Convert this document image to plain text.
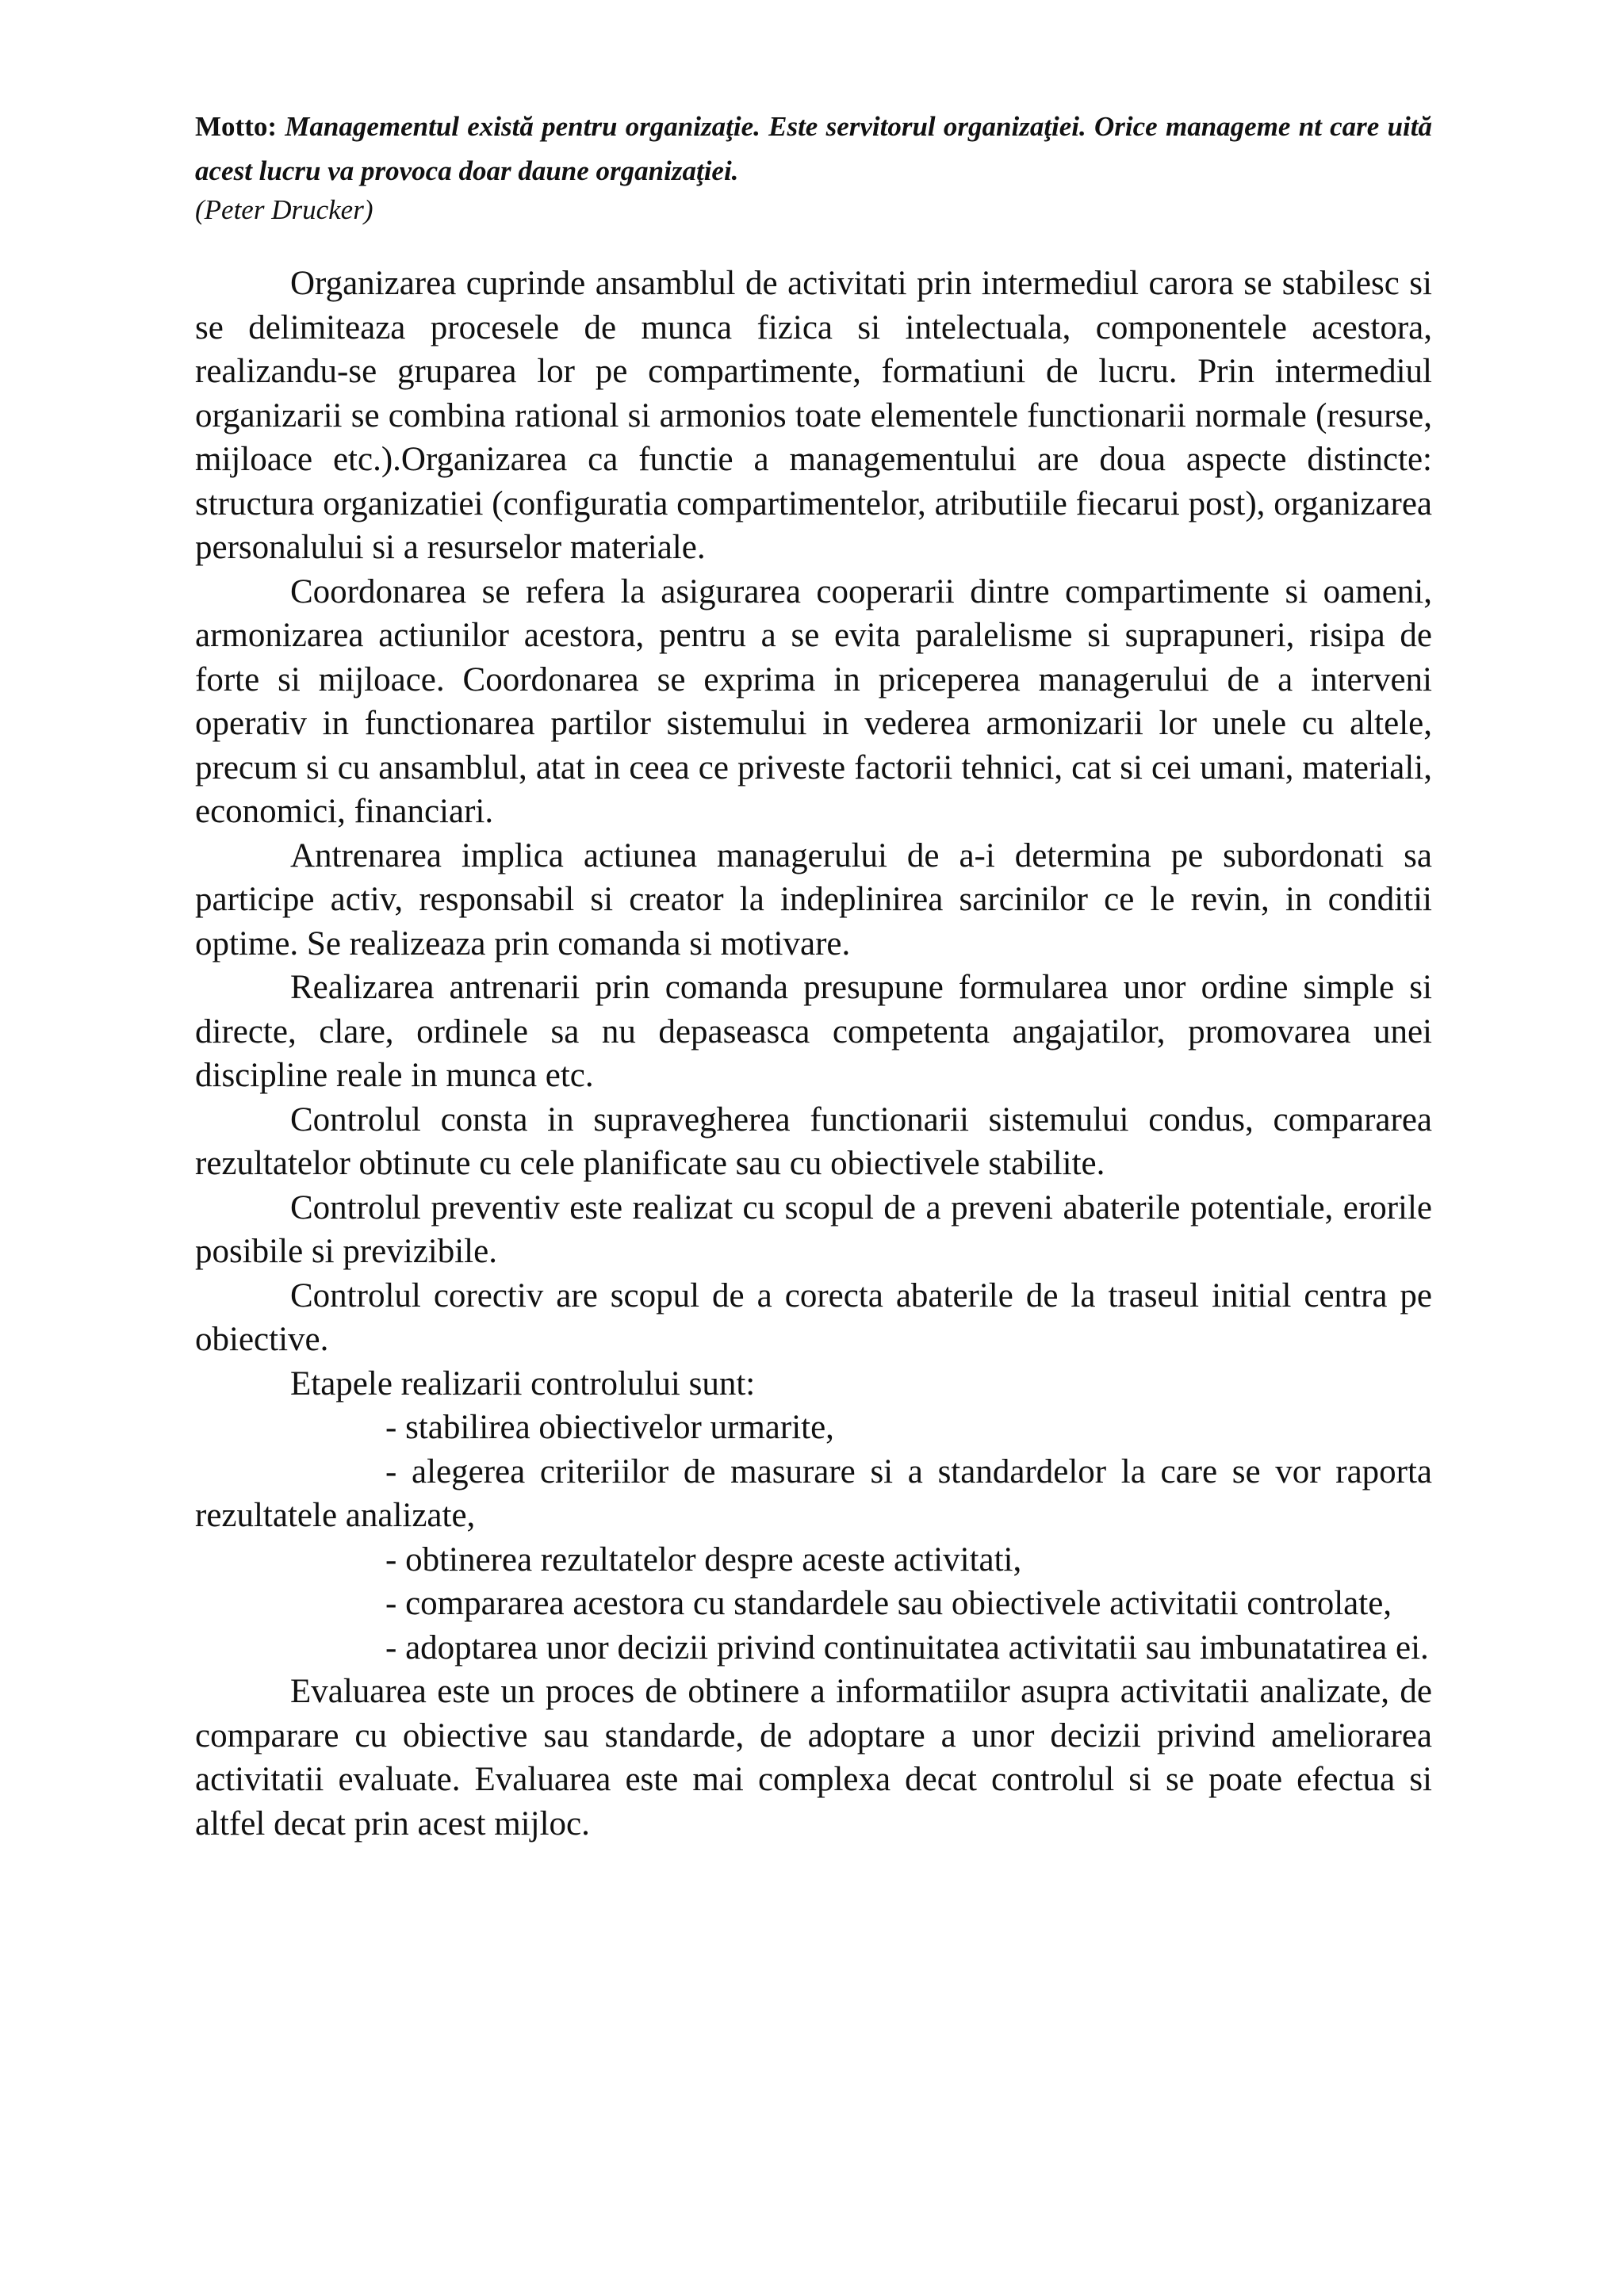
Motto: Managementul există pentru organizaţie. Este servitorul organizaţiei. Orice manageme nt care uită acest lucru va provoca doar daune organizaţiei.
(Peter Drucker)

Organizarea cuprinde ansamblul de activitati prin intermediul carora se stabilesc si se delimiteaza procesele de munca fizica si intelectuala, componentele acestora, realizandu-se gruparea lor pe compartimente, formatiuni de lucru. Prin intermediul organizarii se combina rational si armonios toate elementele functionarii normale (resurse, mijloace etc.).Organizarea ca functie a managementului are doua aspecte distincte: structura organizatiei (configuratia compartimentelor, atributiile fiecarui post), organizarea personalului si a resurselor materiale.

Coordonarea se refera la asigurarea cooperarii dintre compartimente si oameni, armonizarea actiunilor acestora, pentru a se evita paralelisme si suprapuneri, risipa de forte si mijloace. Coordonarea se exprima in priceperea managerului de a interveni operativ in functionarea partilor sistemului in vederea armonizarii lor unele cu altele, precum si cu ansamblul, atat in ceea ce priveste factorii tehnici, cat si cei umani, materiali, economici, financiari.

Antrenarea implica actiunea managerului de a-i determina pe subordonati sa participe activ, responsabil si creator la indeplinirea sarcinilor ce le revin, in conditii optime. Se realizeaza prin comanda si motivare.

Realizarea antrenarii prin comanda presupune formularea unor ordine simple si directe, clare, ordinele sa nu depaseasca competenta angajatilor, promovarea unei discipline reale in munca etc.

Controlul consta in supravegherea functionarii sistemului condus, compararea rezultatelor obtinute cu cele planificate sau cu obiectivele stabilite.

Controlul preventiv este realizat cu scopul de a preveni abaterile potentiale, erorile posibile si previzibile.

Controlul corectiv are scopul de a corecta abaterile de la traseul initial centra pe obiective.

Etapele realizarii controlului sunt:

- stabilirea obiectivelor urmarite,

- alegerea criteriilor de masurare si a standardelor la care se vor raporta rezultatele analizate,

- obtinerea rezultatelor despre aceste activitati,

- compararea acestora cu standardele sau obiectivele activitatii controlate,

- adoptarea unor decizii privind continuitatea activitatii sau imbunatatirea ei.

Evaluarea este un proces de obtinere a informatiilor asupra activitatii analizate, de comparare cu obiective sau standarde, de adoptare a unor decizii privind ameliorarea activitatii evaluate. Evaluarea este mai complexa decat controlul si se poate efectua si altfel decat prin acest mijloc.
